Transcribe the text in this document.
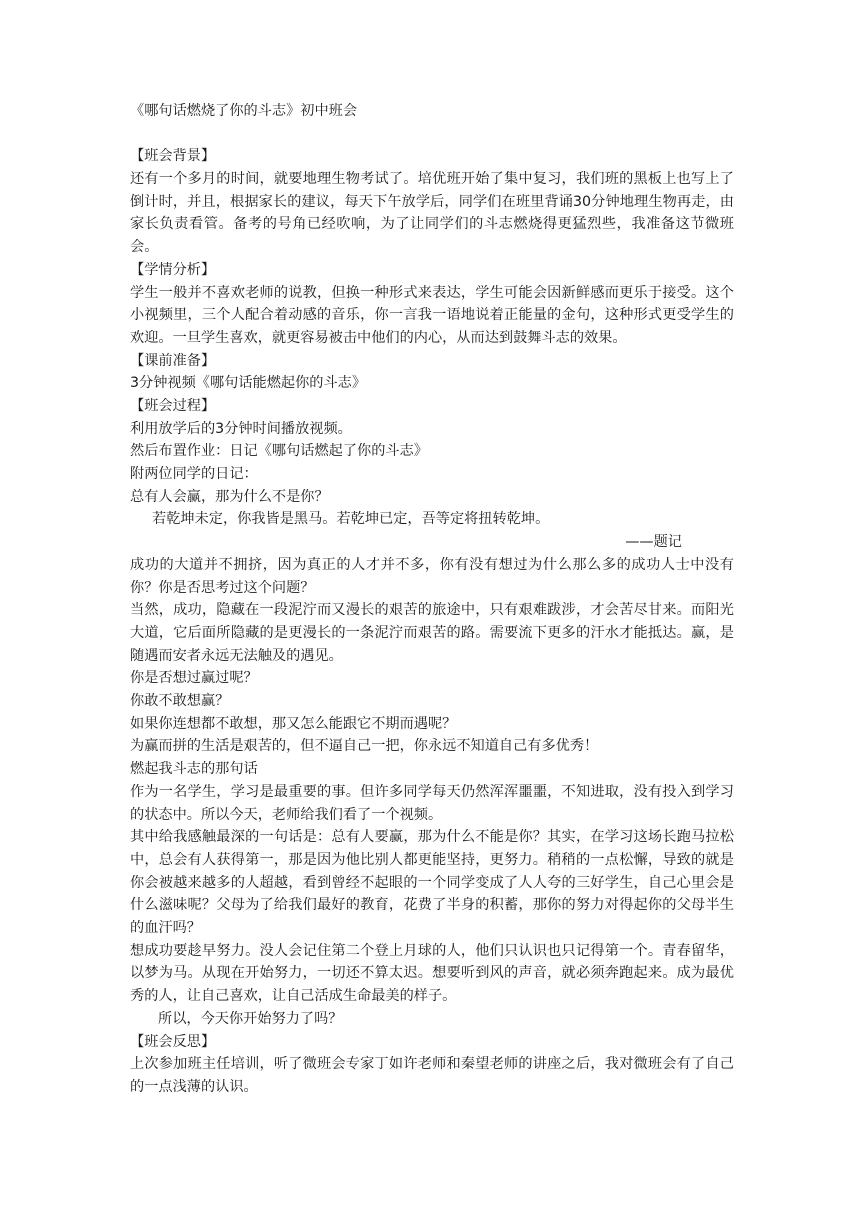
《哪句话燃烧了你的斗志》初中班会
【班会背景】
还有一个多月的时间，就要地理生物考试了。培优班开始了集中复习，我们班的黑板上也写上了倒计时，并且，根据家长的建议，每天下午放学后，同学们在班里背诵30分钟地理生物再走，由家长负责看管。备考的号角已经吹响，为了让同学们的斗志燃烧得更猛烈些，我准备这节微班会。
【学情分析】
学生一般并不喜欢老师的说教，但换一种形式来表达，学生可能会因新鲜感而更乐于接受。这个小视频里，三个人配合着动感的音乐，你一言我一语地说着正能量的金句，这种形式更受学生的欢迎。一旦学生喜欢，就更容易被击中他们的内心，从而达到鼓舞斗志的效果。
【课前准备】
3分钟视频《哪句话能燃起你的斗志》
【班会过程】
利用放学后的3分钟时间播放视频。
然后布置作业：日记《哪句话燃起了你的斗志》
附两位同学的日记：
总有人会赢，那为什么不是你？
若乾坤未定，你我皆是黑马。若乾坤已定，吾等定将扭转乾坤。
——题记
成功的大道并不拥挤，因为真正的人才并不多，你有没有想过为什么那么多的成功人士中没有你？你是否思考过这个问题？
当然，成功，隐藏在一段泥泞而又漫长的艰苦的旅途中，只有艰难跋涉，才会苦尽甘来。而阳光大道，它后面所隐藏的是更漫长的一条泥泞而艰苦的路。需要流下更多的汗水才能抵达。赢，是随遇而安者永远无法触及的遇见。
你是否想过赢过呢？
你敢不敢想赢？
如果你连想都不敢想，那又怎么能跟它不期而遇呢？
为赢而拼的生活是艰苦的，但不逼自己一把，你永远不知道自己有多优秀！
燃起我斗志的那句话
作为一名学生，学习是最重要的事。但许多同学每天仍然浑浑噩噩，不知进取，没有投入到学习的状态中。所以今天，老师给我们看了一个视频。
其中给我感触最深的一句话是：总有人要赢，那为什么不能是你？其实，在学习这场长跑马拉松中，总会有人获得第一，那是因为他比别人都更能坚持，更努力。稍稍的一点松懈，导致的就是你会被越来越多的人超越，看到曾经不起眼的一个同学变成了人人夸的三好学生，自己心里会是什么滋味呢？父母为了给我们最好的教育，花费了半身的积蓄，那你的努力对得起你的父母半生的血汗吗？
想成功要趁早努力。没人会记住第二个登上月球的人，他们只认识也只记得第一个。青春留华，以梦为马。从现在开始努力，一切还不算太迟。想要听到风的声音，就必须奔跑起来。成为最优秀的人，让自己喜欢，让自己活成生命最美的样子。
所以，今天你开始努力了吗？
【班会反思】
上次参加班主任培训，听了微班会专家丁如许老师和秦望老师的讲座之后，我对微班会有了自己的一点浅薄的认识。
